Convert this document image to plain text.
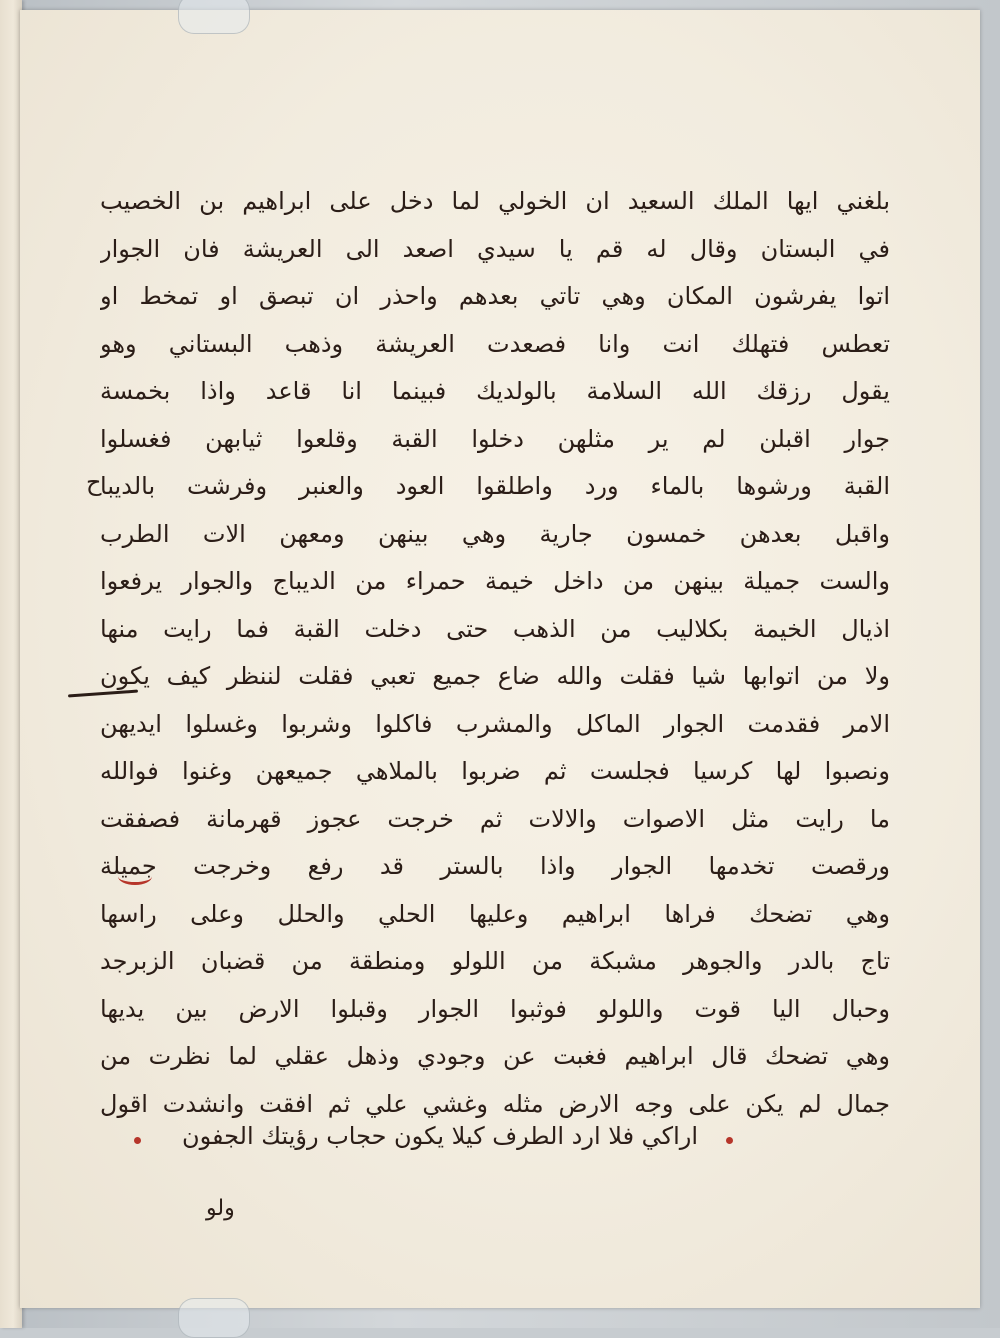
ح
بلغني ايها الملك السعيد ان الخولي لما دخل على ابراهيم بن الخصيب
في البستان وقال له قم يا سيدي اصعد الى العريشة فان الجوار
اتوا يفرشون المكان وهي تاتي بعدهم واحذر ان تبصق او تمخط او
تعطس فتهلك انت وانا فصعدت العريشة وذهب البستاني وهو
يقول رزقك الله السلامة بالولديك فبينما انا قاعد واذا بخمسة
جوار اقبلن لم ير مثلهن دخلوا القبة وقلعوا ثيابهن فغسلوا
القبة ورشوها بالماء ورد واطلقوا العود والعنبر وفرشت بالديبا
واقبل بعدهن خمسون جارية وهي بينهن ومعهن الات الطرب
والست جميلة بينهن من داخل خيمة حمراء من الديباج والجوار يرفعوا
اذيال الخيمة بكلاليب من الذهب حتى دخلت القبة فما رايت منها
ولا من اتوابها شيا فقلت والله ضاع جميع تعبي فقلت لننظر كيف يكون
الامر فقدمت الجوار الماكل والمشرب فاكلوا وشربوا وغسلوا ايديهن
ونصبوا لها كرسيا فجلست ثم ضربوا بالملاهي جميعهن وغنوا فوالله
ما رايت مثل الاصوات والالات ثم خرجت عجوز قهرمانة فصفقت
ورقصت تخدمها الجوار واذا بالستر قد رفع وخرجت جميلة
وهي تضحك فراها ابراهيم وعليها الحلي والحلل وعلى راسها
تاج بالدر والجوهر مشبكة من اللولو ومنطقة من قضبان الزبرجد
وحبال اليا قوت واللولو فوثبوا الجوار وقبلوا الارض بين يديها
وهي تضحك قال ابراهيم فغبت عن وجودي وذهل عقلي لما نظرت من
جمال لم يكن على وجه الارض مثله وغشي علي ثم افقت وانشدت اقول
اراكي فلا ارد الطرف كيلا يكون حجاب رؤيتك الجفون
ولو
